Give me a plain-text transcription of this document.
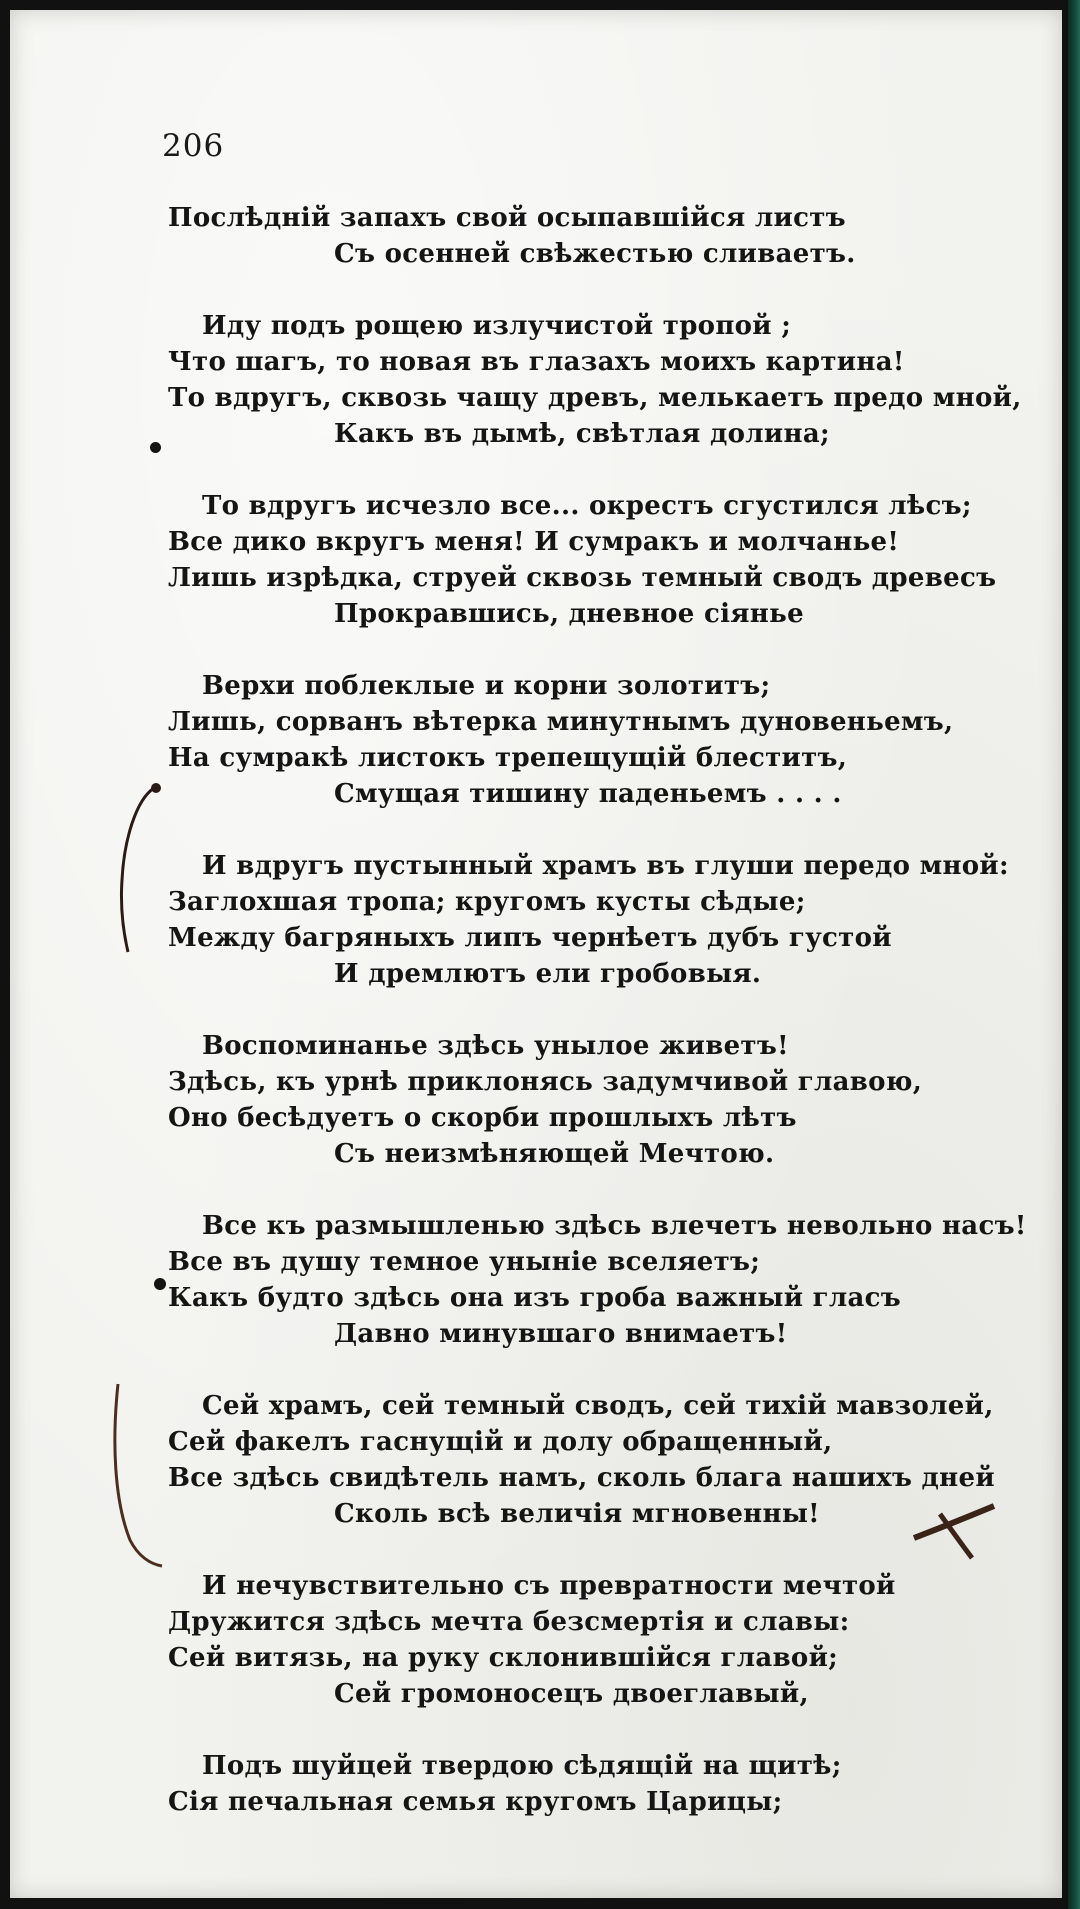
206
Послѣдній запахъ свой осыпавшійся листъ
Съ осенней свѣжестью сливаетъ.
Иду подъ рощею излучистой тропой ;
Что шагъ, то новая въ глазахъ моихъ картина!
То вдругъ, сквозь чащу древъ, мелькаетъ предо мной,
Какъ въ дымѣ, свѣтлая долина;
То вдругъ исчезло все... окрестъ сгустился лѣсъ;
Все дико вкругъ меня! И сумракъ и молчанье!
Лишь изрѣдка, струей сквозь темный сводъ древесъ
Прокравшись, дневное сіянье
Верхи поблеклые и корни золотитъ;
Лишь, сорванъ вѣтерка минутнымъ дуновеньемъ,
На сумракѣ листокъ трепещущій блеститъ,
Смущая тишину паденьемъ . . . .
И вдругъ пустынный храмъ въ глуши передо мной:
Заглохшая тропа; кругомъ кусты сѣдые;
Между багряныхъ липъ чернѣетъ дубъ густой
И дремлютъ ели гробовыя.
Воспоминанье здѣсь унылое живетъ!
Здѣсь, къ урнѣ приклонясь задумчивой главою,
Оно бесѣдуетъ о скорби прошлыхъ лѣтъ
Съ неизмѣняющей Мечтою.
Все къ размышленью здѣсь влечетъ невольно насъ!
Все въ душу темное уныніе вселяетъ;
Какъ будто здѣсь она изъ гроба важный гласъ
Давно минувшаго внимаетъ!
Сей храмъ, сей темный сводъ, сей тихій мавзолей,
Сей факелъ гаснущій и долу обращенный,
Все здѣсь свидѣтель намъ, сколь блага нашихъ дней
Сколь всѣ величія мгновенны!
И нечувствительно съ превратности мечтой
Дружится здѣсь мечта безсмертія и славы:
Сей витязь, на руку склонившійся главой;
Сей громоносецъ двоеглавый,
Подъ шуйцей твердою сѣдящій на щитѣ;
Сія печальная семья кругомъ Царицы;
